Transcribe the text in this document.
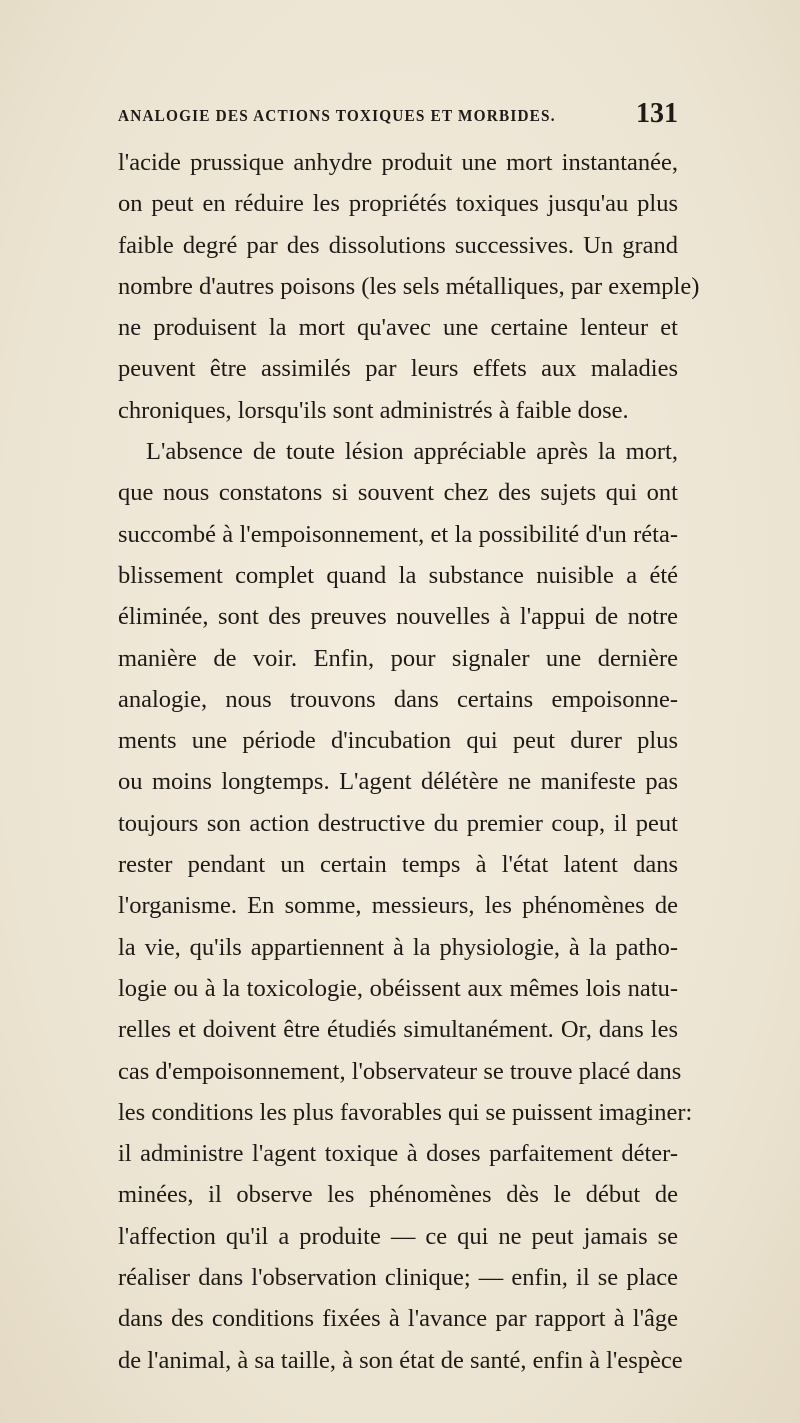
ANALOGIE DES ACTIONS TOXIQUES ET MORBIDES.	131
l'acide prussique anhydre produit une mort instantanée,
on peut en réduire les propriétés toxiques jusqu'au plus
faible degré par des dissolutions successives. Un grand
nombre d'autres poisons (les sels métalliques, par exemple)
ne produisent la mort qu'avec une certaine lenteur et
peuvent être assimilés par leurs effets aux maladies
chroniques, lorsqu'ils sont administrés à faible dose.
L'absence de toute lésion appréciable après la mort,
que nous constatons si souvent chez des sujets qui ont
succombé à l'empoisonnement, et la possibilité d'un réta-
blissement complet quand la substance nuisible a été
éliminée, sont des preuves nouvelles à l'appui de notre
manière de voir. Enfin, pour signaler une dernière
analogie, nous trouvons dans certains empoisonne-
ments une période d'incubation qui peut durer plus
ou moins longtemps. L'agent délétère ne manifeste pas
toujours son action destructive du premier coup, il peut
rester pendant un certain temps à l'état latent dans
l'organisme. En somme, messieurs, les phénomènes de
la vie, qu'ils appartiennent à la physiologie, à la patho-
logie ou à la toxicologie, obéissent aux mêmes lois natu-
relles et doivent être étudiés simultanément. Or, dans les
cas d'empoisonnement, l'observateur se trouve placé dans
les conditions les plus favorables qui se puissent imaginer:
il administre l'agent toxique à doses parfaitement déter-
minées, il observe les phénomènes dès le début de
l'affection qu'il a produite — ce qui ne peut jamais se
réaliser dans l'observation clinique; — enfin, il se place
dans des conditions fixées à l'avance par rapport à l'âge
de l'animal, à sa taille, à son état de santé, enfin à l'espèce
